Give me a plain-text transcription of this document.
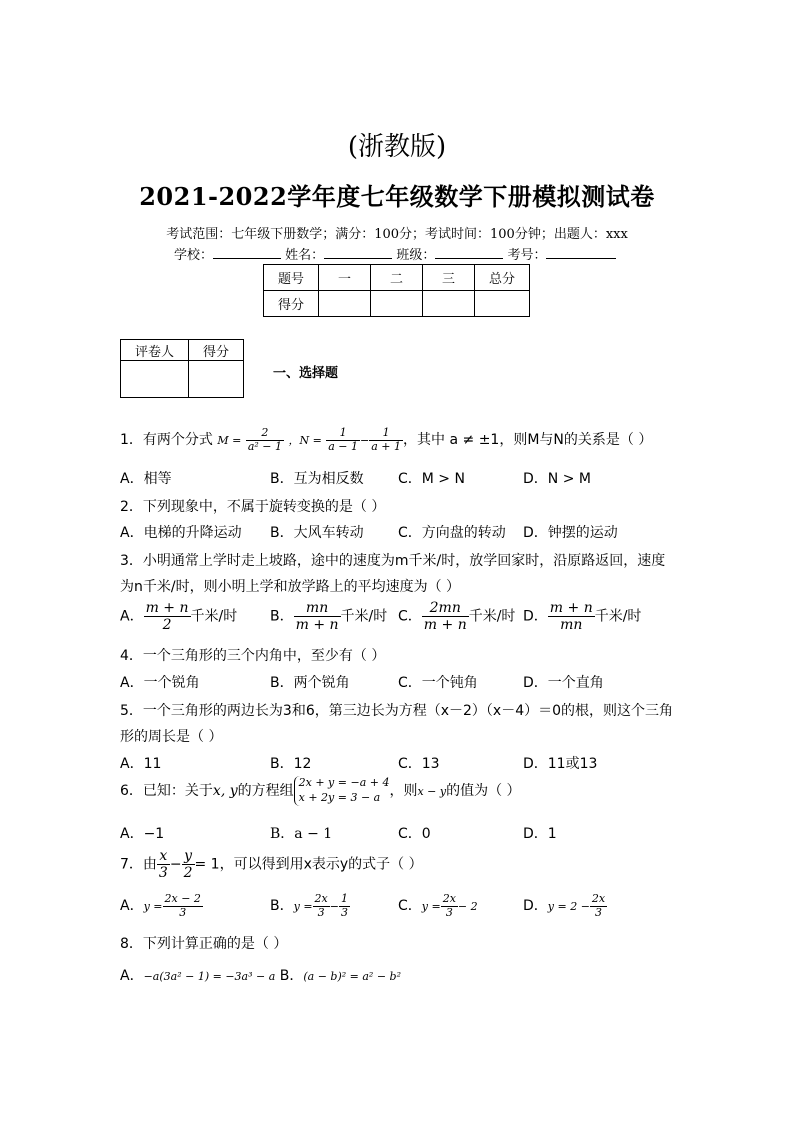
(浙教版)
2021-2022学年度七年级数学下册模拟测试卷
考试范围：七年级下册数学；满分：100分；考试时间：100分钟；出题人：xxx
学校：	姓名：	班级：	考号：
题号	一	二	三	总分
得分				
评卷人	得分

一、选择题
1．有两个分式 $M = \frac{2}{\text{a² − 1}}$ ，$N = \frac{1}{a - 1} - \frac{1}{a + 1}$ ，其中 a ≠ ±1，则M与N的关系是（ ）
A．相等	B．互为相反数 C．M > N	D．N > M
2．下列现象中，不属于旋转变换的是（ ）
A．电梯的升降运动 B．大风车转动 C．方向盘的转动 D．钟摆的运动
3．小明通常上学时走上坡路，途中的速度为m千米/时，放学回家时，沿原路返回，速度
为n千米/时，则小明上学和放学路上的平均速度为（ ）
A． $\frac{m + n}{2}$ 千米/时 B． $\frac{mn}{m + n}$ 千米/时 C． $\frac{2mn}{m + n}$ 千米/时 D． $\frac{m + n}{mn}$ 千米/时
4．一个三角形的三个内角中，至少有（ ）
A．一个锐角	B．两个锐角	C．一个钝角	D．一个直角
5．一个三角形的两边长为3和6，第三边长为方程（x－2）（x－4）＝0的根，则这个三角
形的周长是（ ）
A．11	B．12	C．13	D．11或13
6．已知：关于x, y的方程组
2x + y = −a + 4
x + 2y = 3 − a ，则x − y的值为（ ）
A．−1	B．a − 1	C．0	D．1
7．由 $\frac{x}{3} - \frac{y}{2} = 1$，可以得到用x表示y的式子（ ）
A．$y = \frac{2x - 2}{3}$	B．$y = \frac{2x}{3} - \frac{1}{3}$	C．$y = \frac{2x}{3} - 2$	D．$y = 2 - \frac{2x}{3}$
8．下列计算正确的是（ ）
A．−a(3a² − 1) = −3a³ − a B．(a − b)² = a² − b²
